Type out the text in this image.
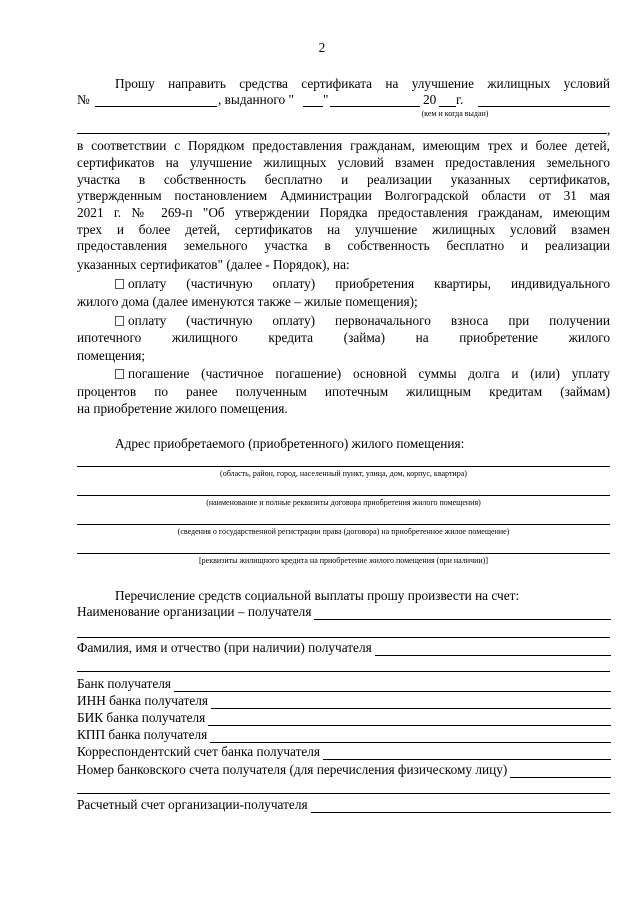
2
Прошу направить средства сертификата на улучшение жилищных условий
№	, выданного " "	20 г.
(кем и когда выдан)
,
в соответствии с Порядком предоставления гражданам, имеющим трех и более детей,
сертификатов на улучшение жилищных условий взамен предоставления земельного
участка в собственность бесплатно и реализации указанных сертификатов,
утвержденным постановлением Администрации Волгоградской области от 31 мая
2021 г. № 269-п "Об утверждении Порядка предоставления гражданам, имеющим
трех и более детей, сертификатов на улучшение жилищных условий взамен
предоставления земельного участка в собственность бесплатно и реализации
указанных сертификатов" (далее - Порядок), на:
оплату (частичную оплату) приобретения квартиры, индивидуального
жилого дома (далее именуются также – жилые помещения);
оплату (частичную оплату) первоначального взноса при получении
ипотечного жилищного кредита (займа) на приобретение жилого
помещения;
погашение (частичное погашение) основной суммы долга и (или) уплату
процентов по ранее полученным ипотечным жилищным кредитам (займам)
на приобретение жилого помещения.
Адрес приобретаемого (приобретенного) жилого помещения:
(область, район, город, населенный пункт, улица, дом, корпус, квартира)
(наименование и полные реквизиты договора приобретения жилого помещения)
(сведения о государственной регистрации права (договора) на приобретенное жилое помещение)
[реквизиты жилищного кредита на приобретение жилого помещения (при наличии)]
Перечисление средств социальной выплаты прошу произвести на счет:
Наименование организации – получателя
Фамилия, имя и отчество (при наличии) получателя
Банк получателя
ИНН банка получателя
БИК банка получателя
КПП банка получателя
Корреспондентский счет банка получателя
Номер банковского счета получателя (для перечисления физическому лицу)
Расчетный счет организации-получателя
